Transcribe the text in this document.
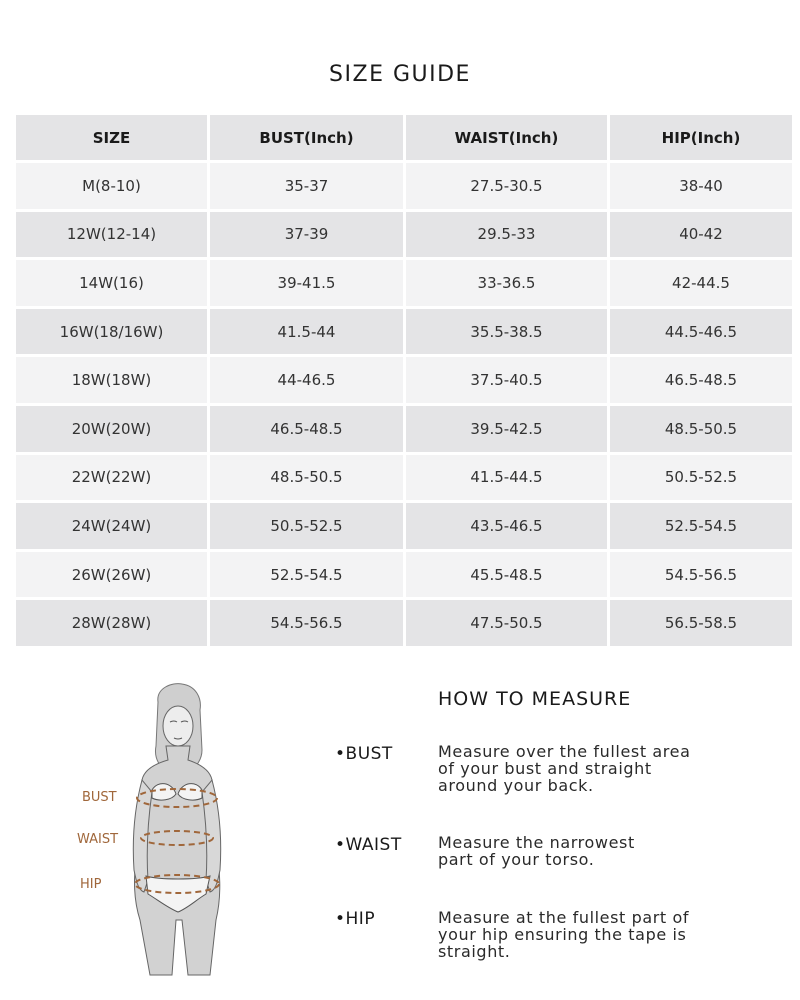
SIZE GUIDE
SIZE	BUST(Inch)	WAIST(Inch)	HIP(Inch)
M(8-10)	35-37	27.5-30.5	38-40
12W(12-14)	37-39	29.5-33	40-42
14W(16)	39-41.5	33-36.5	42-44.5
16W(18/16W)	41.5-44	35.5-38.5	44.5-46.5
18W(18W)	44-46.5	37.5-40.5	46.5-48.5
20W(20W)	46.5-48.5	39.5-42.5	48.5-50.5
22W(22W)	48.5-50.5	41.5-44.5	50.5-52.5
24W(24W)	50.5-52.5	43.5-46.5	52.5-54.5
26W(26W)	52.5-54.5	45.5-48.5	54.5-56.5
28W(28W)	54.5-56.5	47.5-50.5	56.5-58.5
BUST
WAIST
HIP
HOW TO MEASURE
•BUST	Measure over the fullest area
of your bust and straight
around your back.
•WAIST Measure the narrowest
part of your torso.
•HIP	Measure at the fullest part of
your hip ensuring the tape is
straight.
